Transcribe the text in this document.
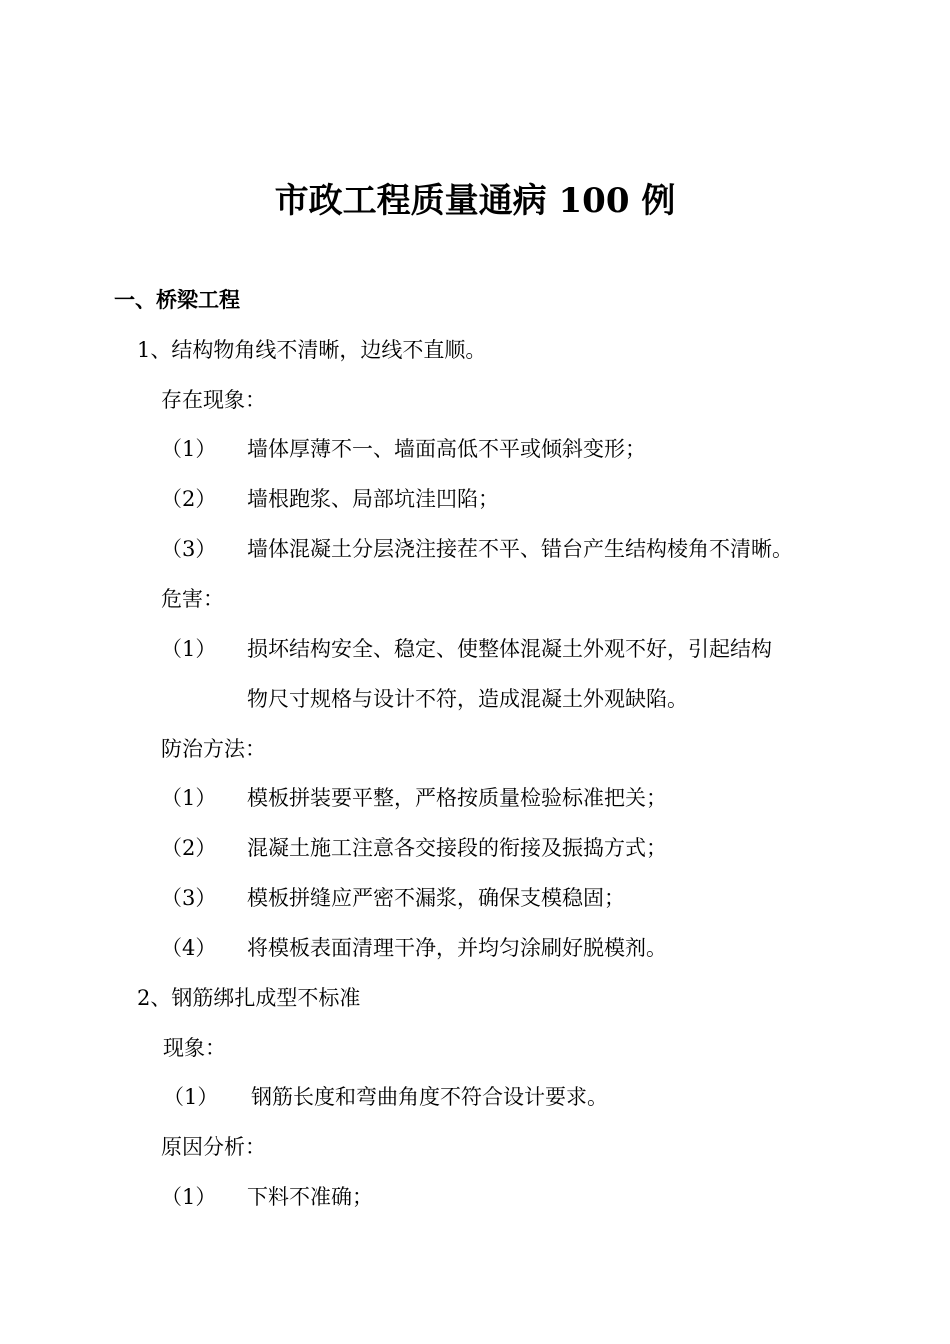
市政工程质量通病 100 例
一、桥梁工程
1、结构物角线不清晰，边线不直顺。
存在现象：
（1） 墙体厚薄不一、墙面高低不平或倾斜变形；
（2） 墙根跑浆、局部坑洼凹陷；
（3） 墙体混凝土分层浇注接茬不平、错台产生结构棱角不清晰。
危害：
（1） 损坏结构安全、稳定、使整体混凝土外观不好，引起结构
物尺寸规格与设计不符，造成混凝土外观缺陷。
防治方法：
（1） 模板拼装要平整，严格按质量检验标准把关；
（2） 混凝土施工注意各交接段的衔接及振捣方式；
（3） 模板拼缝应严密不漏浆，确保支模稳固；
（4） 将模板表面清理干净，并均匀涂刷好脱模剂。
2、钢筋绑扎成型不标准
现象：
（1） 钢筋长度和弯曲角度不符合设计要求。
原因分析：
（1） 下料不准确；
